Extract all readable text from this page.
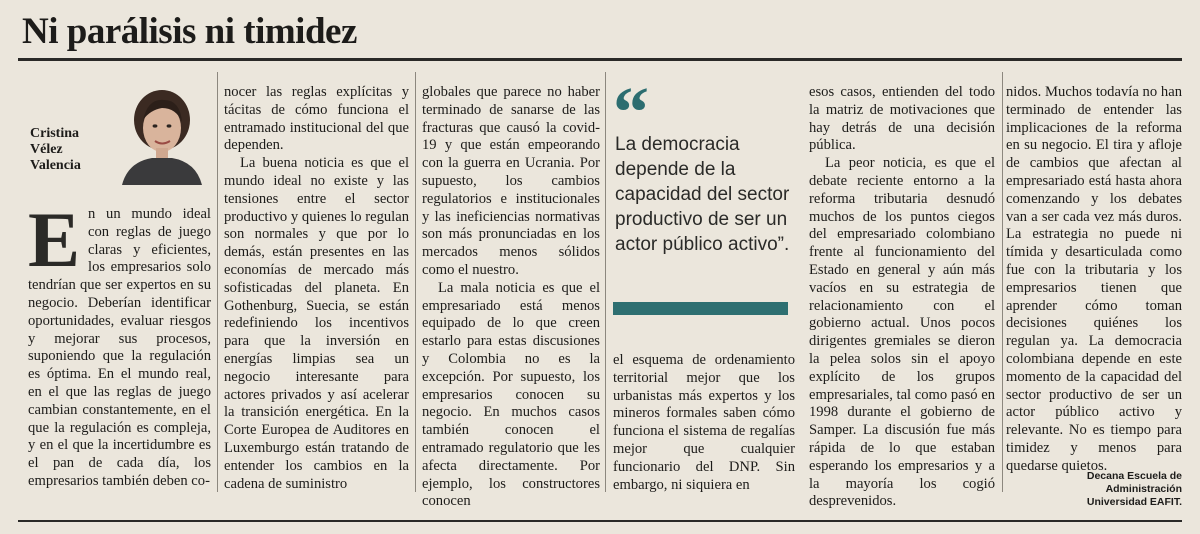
Ni parálisis ni timidez
Cristina
Vélez
Valencia

En un mundo ideal con reglas de juego claras y eficientes, los empresarios solo tendrían que ser expertos en su negocio. Deberían identificar oportunidades, evaluar riesgos y mejorar sus procesos, suponiendo que la regulación es óptima. En el mundo real, en el que las reglas de juego cambian constantemente, en el que la regulación es compleja, y en el que la incertidumbre es el pan de cada día, los empresarios también deben co-

nocer las reglas explícitas y tácitas de cómo funciona el entramado institucional del que dependen.

La buena noticia es que el mundo ideal no existe y las tensiones entre el sector productivo y quienes lo regulan son normales y que por lo demás, están presentes en las economías de mercado más sofisticadas del planeta. En Gothenburg, Suecia, se están redefiniendo los incentivos para que la inversión en energías limpias sea un negocio interesante para actores privados y así acelerar la transición energética. En la Corte Europea de Auditores en Luxemburgo están tratando de entender los cambios en la cadena de suministro

globales que parece no haber terminado de sanarse de las fracturas que causó la covid-19 y que están empeorando con la guerra en Ucrania. Por supuesto, los cambios regulatorios e institucionales y las ineficiencias normativas son más pronunciadas en los mercados menos sólidos como el nuestro.

La mala noticia es que el empresariado está menos equipado de lo que creen estarlo para estas discusiones y Colombia no es la excepción. Por supuesto, los empresarios conocen su negocio. En muchos casos también conocen el entramado regulatorio que les afecta directamente. Por ejemplo, los constructores conocen

“
La democracia depende de la capacidad del sector productivo de ser un actor público activo”.

el esquema de ordenamiento territorial mejor que los urbanistas más expertos y los mineros formales saben cómo funciona el sistema de regalías mejor que cualquier funcionario del DNP. Sin embargo, ni siquiera en

esos casos, entienden del todo la matriz de motivaciones que hay detrás de una decisión pública.

La peor noticia, es que el debate reciente entorno a la reforma tributaria desnudó muchos de los puntos ciegos del empresariado colombiano frente al funcionamiento del Estado en general y aún más vacíos en su estrategia de relacionamiento con el gobierno actual. Unos pocos dirigentes gremiales se dieron la pelea solos sin el apoyo explícito de los grupos empresariales, tal como pasó en 1998 durante el gobierno de Samper. La discusión fue más rápida de lo que estaban esperando los empresarios y a la mayoría los cogió desprevenidos.

nidos. Muchos todavía no han terminado de entender las implicaciones de la reforma en su negocio. El tira y afloje de cambios que afectan al empresariado está hasta ahora comenzando y los debates van a ser cada vez más duros. La estrategia no puede ni tímida y desarticulada como fue con la tributaria y los empresarios tienen que aprender cómo toman decisiones quiénes los regulan ya. La democracia colombiana depende en este momento de la capacidad del sector productivo de ser un actor público activo y relevante. No es tiempo para timidez y menos para quedarse quietos.

Decana Escuela de Administración
Universidad EAFIT.
